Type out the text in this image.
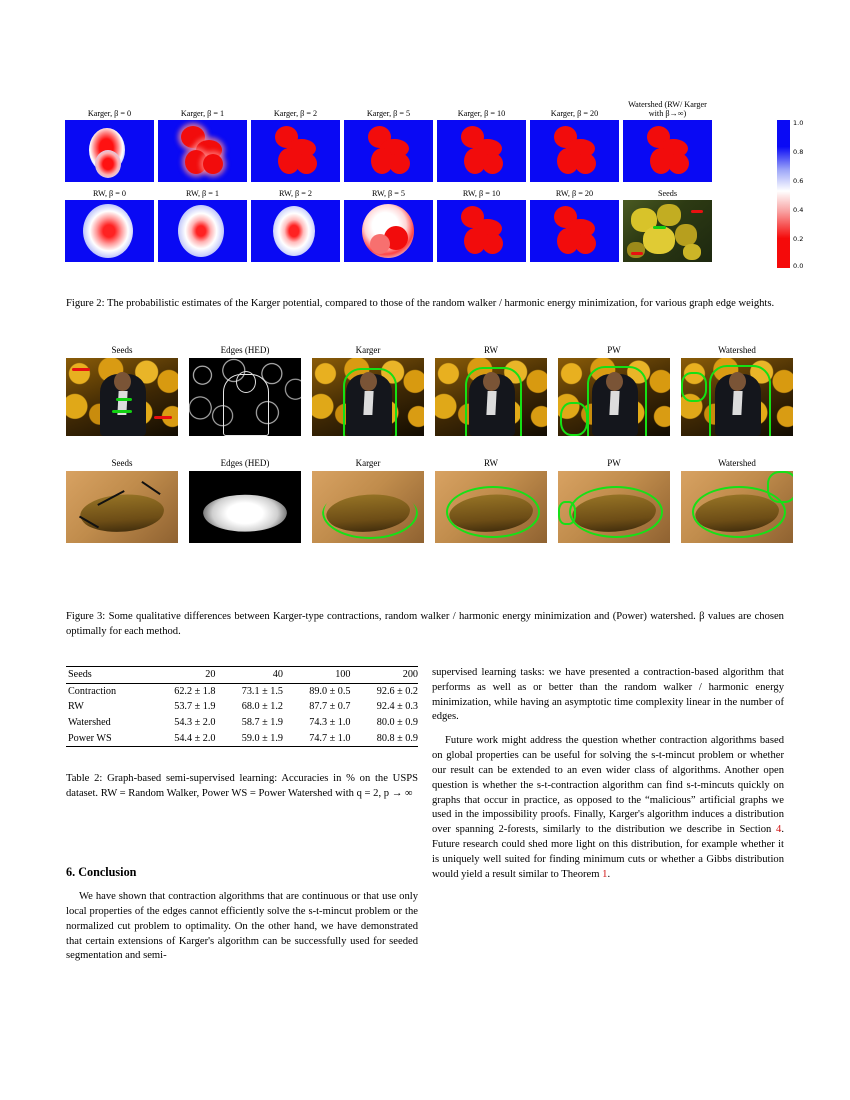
Karger, β = 0	Karger, β = 1	Karger, β = 2	Karger, β = 5	Karger, β = 10	Karger, β = 20
Watershed (RW/ Karger with β→∞)
RW, β = 0	RW, β = 1	RW, β = 2	RW, β = 5	RW, β = 10	RW, β = 20	Seeds
1.0
0.8
0.6
0.4
0.2
0.0
Figure 2: The probabilistic estimates of the Karger potential, compared to those of the random walker / harmonic energy minimization, for various graph edge weights.
Seeds	Edges (HED)	Karger	RW	PW	Watershed
Seeds	Edges (HED)	Karger	RW	PW	Watershed
Figure 3: Some qualitative differences between Karger-type contractions, random walker / harmonic energy minimization and (Power) watershed. β values are chosen optimally for each method.
Seeds	20	40	100	200
Contraction	62.2 ± 1.8	73.1 ± 1.5	89.0 ± 0.5	92.6 ± 0.2
RW	53.7 ± 1.9	68.0 ± 1.2	87.7 ± 0.7	92.4 ± 0.3
Watershed	54.3 ± 2.0	58.7 ± 1.9	74.3 ± 1.0	80.0 ± 0.9
Power WS	54.4 ± 2.0	59.0 ± 1.9	74.7 ± 1.0	80.8 ± 0.9
Table 2: Graph-based semi-supervised learning: Accuracies in % on the USPS dataset. RW = Random Walker, Power WS = Power Watershed with q = 2, p → ∞
6. Conclusion

We have shown that contraction algorithms that are continuous or that use only local properties of the edges cannot efficiently solve the s-t-mincut problem or the normalized cut problem to optimality. On the other hand, we have demonstrated that certain extensions of Karger's algorithm can be successfully used for seeded segmentation and semi-

supervised learning tasks: we have presented a contraction-based algorithm that performs as well as or better than the random walker / harmonic energy minimization, while having an asymptotic time complexity linear in the number of edges.

Future work might address the question whether contraction algorithms based on global properties can be useful for solving the s-t-mincut problem or whether our result can be extended to an even wider class of algorithms. Another open question is whether the s-t-contraction algorithm can find s-t-mincuts quickly on graphs that occur in practice, as opposed to the “malicious” artificial graphs we used in the impossibility proofs. Finally, Karger's algorithm induces a distribution over spanning 2-forests, similarly to the distribution we describe in Section 4. Future research could shed more light on this distribution, for example whether it is uniquely well suited for finding minimum cuts or whether a Gibbs distribution would yield a result similar to Theorem 1.
